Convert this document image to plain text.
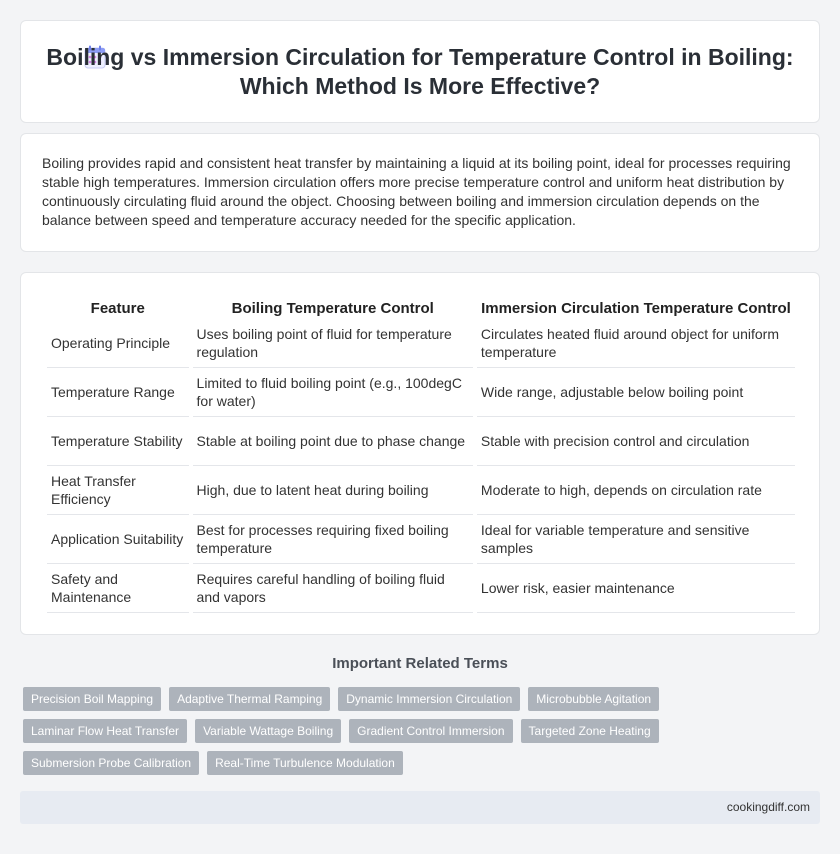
Boiling vs Immersion Circulation for Temperature Control in Boiling: Which Method Is More Effective?

Boiling provides rapid and consistent heat transfer by maintaining a liquid at its boiling point, ideal for processes requiring stable high temperatures. Immersion circulation offers more precise temperature control and uniform heat distribution by continuously circulating fluid around the object. Choosing between boiling and immersion circulation depends on the balance between speed and temperature accuracy needed for the specific application.

Feature	Boiling Temperature Control	Immersion Circulation Temperature Control
Operating Principle	Uses boiling point of fluid for temperature regulation	Circulates heated fluid around object for uniform temperature
Temperature Range	Limited to fluid boiling point (e.g., 100degC for water)	Wide range, adjustable below boiling point
Temperature Stability	Stable at boiling point due to phase change	Stable with precision control and circulation
Heat Transfer Efficiency	High, due to latent heat during boiling	Moderate to high, depends on circulation rate
Application Suitability	Best for processes requiring fixed boiling temperature	Ideal for variable temperature and sensitive samples
Safety and Maintenance	Requires careful handling of boiling fluid and vapors	Lower risk, easier maintenance
Important Related Terms
Precision Boil Mapping	Adaptive Thermal Ramping	Dynamic Immersion Circulation	Microbubble Agitation
Laminar Flow Heat Transfer	Variable Wattage Boiling	Gradient Control Immersion	Targeted Zone Heating
Submersion Probe Calibration	Real-Time Turbulence Modulation
cookingdiff.com
